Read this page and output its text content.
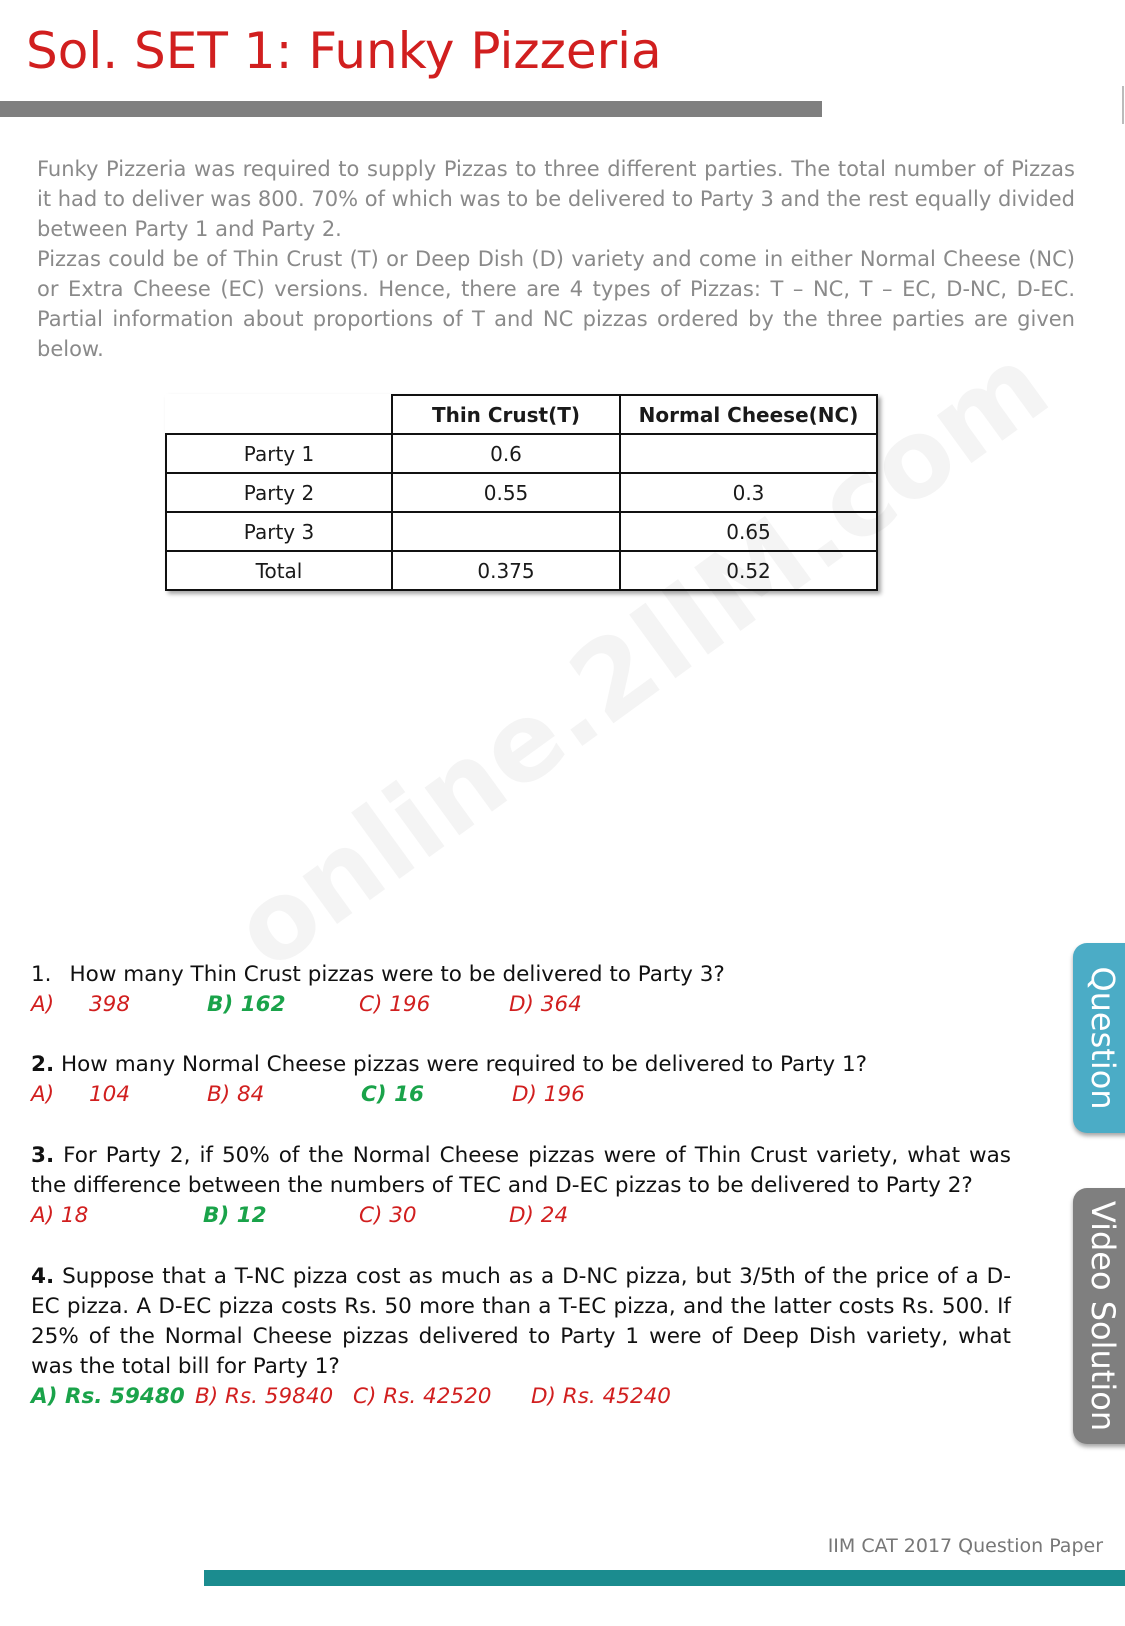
Sol. SET 1: Funky Pizzeria

Funky Pizzeria was required to supply Pizzas to three different parties. The total number of Pizzas it had to deliver was 800. 70% of which was to be delivered to Party 3 and the rest equally divided between Party 1 and Party 2.

Pizzas could be of Thin Crust (T) or Deep Dish (D) variety and come in either Normal Cheese (NC) or Extra Cheese (EC) versions. Hence, there are 4 types of Pizzas: T – NC, T – EC, D-NC, D-EC. Partial information about proportions of T and NC pizzas ordered by the three parties are given below.

	Thin Crust(T)	Normal Cheese(NC)
Party 1	0.6	
Party 2	0.55	0.3
Party 3		0.65
Total	0.375	0.52
1. How many Thin Crust pizzas were to be delivered to Party 3?
A) 398	B) 162	C) 196	D) 364
2. How many Normal Cheese pizzas were required to be delivered to Party 1?
A) 104	B) 84	C) 16	D) 196
3. For Party 2, if 50% of the Normal Cheese pizzas were of Thin Crust variety, what was the difference between the numbers of TEC and D-EC pizzas to be delivered to Party 2?
A) 18	B) 12	C) 30	D) 24
4. Suppose that a T-NC pizza cost as much as a D-NC pizza, but 3/5th of the price of a D-EC pizza. A D-EC pizza costs Rs. 50 more than a T-EC pizza, and the latter costs Rs. 500. If 25% of the Normal Cheese pizzas delivered to Party 1 were of Deep Dish variety, what was the total bill for Party 1?
A) Rs. 59480 B) Rs. 59840 C) Rs. 42520 D) Rs. 45240
Question
Video Solution
IIM CAT 2017 Question Paper
